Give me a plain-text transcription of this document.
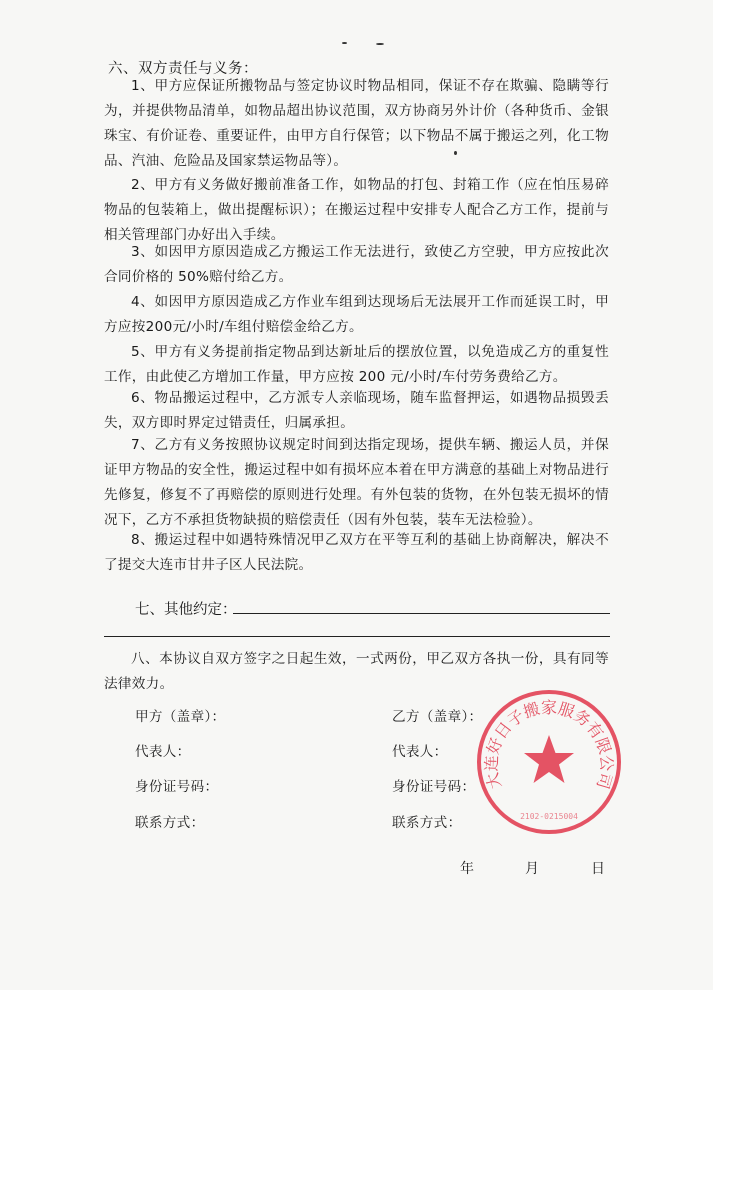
六、双方责任与义务：

1、甲方应保证所搬物品与签定协议时物品相同，保证不存在欺骗、隐瞒等行为，并提供物品清单，如物品超出协议范围，双方协商另外计价（各种货币、金银珠宝、有价证卷、重要证件，由甲方自行保管；以下物品不属于搬运之列，化工物品、汽油、危险品及国家禁运物品等）。

2、甲方有义务做好搬前准备工作，如物品的打包、封箱工作（应在怕压易碎物品的包装箱上，做出提醒标识）；在搬运过程中安排专人配合乙方工作，提前与相关管理部门办好出入手续。

3、如因甲方原因造成乙方搬运工作无法进行，致使乙方空驶，甲方应按此次合同价格的 50%赔付给乙方。

4、如因甲方原因造成乙方作业车组到达现场后无法展开工作而延误工时，甲方应按200元/小时/车组付赔偿金给乙方。

5、甲方有义务提前指定物品到达新址后的摆放位置，以免造成乙方的重复性工作，由此使乙方增加工作量，甲方应按 200 元/小时/车付劳务费给乙方。

6、物品搬运过程中，乙方派专人亲临现场，随车监督押运，如遇物品损毁丢失，双方即时界定过错责任，归属承担。

7、乙方有义务按照协议规定时间到达指定现场，提供车辆、搬运人员，并保证甲方物品的安全性，搬运过程中如有损坏应本着在甲方满意的基础上对物品进行先修复，修复不了再赔偿的原则进行处理。有外包装的货物，在外包装无损坏的情况下，乙方不承担货物缺损的赔偿责任（因有外包装，装车无法检验）。

8、搬运过程中如遇特殊情况甲乙双方在平等互利的基础上协商解决，解决不了提交大连市甘井子区人民法院。

七、其他约定：

八、本协议自双方签字之日起生效，一式两份，甲乙双方各执一份，具有同等法律效力。

甲方（盖章）：
代表人：
身份证号码：
联系方式：
乙方（盖章）：
代表人：
身份证号码：
联系方式：
年	月	日
大连好日子搬家服务有限公司
2102-0215004
